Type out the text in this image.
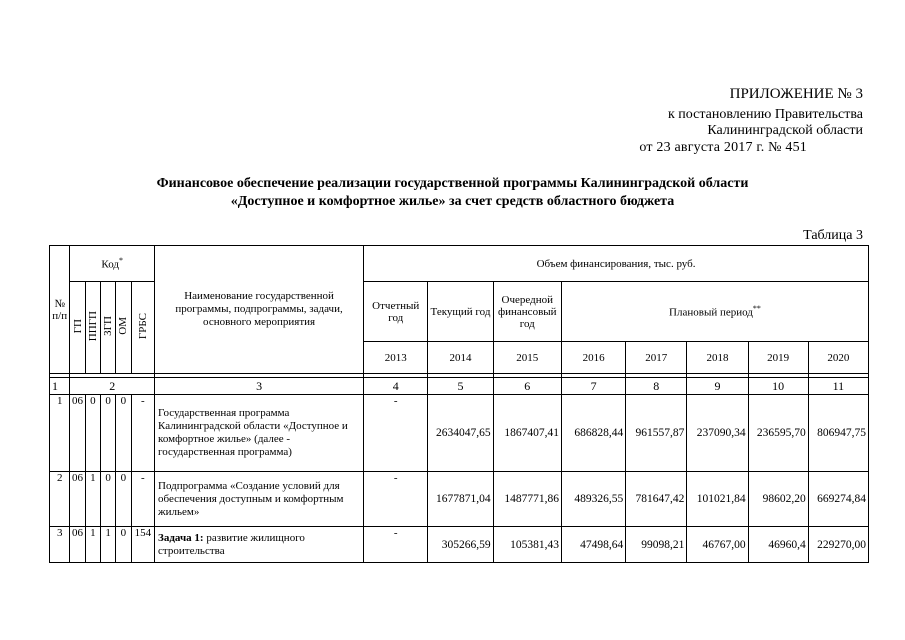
ПРИЛОЖЕНИЕ № 3
к постановлению Правительства
Калининградской области
от 23 августа 2017 г. № 451
Финансовое обеспечение реализации государственной программы Калининградской области
«Доступное и комфортное жилье» за счет средств областного бюджета
Таблица 3
№ п/п	Код*					Наименование государственной программы, подпрограммы, задачи, основного мероприятия	Объем финансирования, тыс. руб.							
	ГП	ППГП	ЗГП	ОМ	ГРБС		Отчетный год	Текущий год	Очередной финансовый год	Плановый период**
							2013	2014	2015	2016	2017	2018	2019	2020

1	2					3	4	5	6	7	8	9	10	11
1	06	0	0	0	-	Государственная программа Калининградской области «Доступное и комфортное жилье» (далее - государственная программа)	-	2634047,65	1867407,41	686828,44	961557,87	237090,34	236595,70	806947,75
2	06	1	0	0	-	Подпрограмма «Создание условий для обеспечения доступным и комфортным жильем»	-	1677871,04	1487771,86	489326,55	781647,42	101021,84	98602,20	669274,84
3	06	1	1	0	154	Задача 1: развитие жилищного строительства	-	305266,59	105381,43	47498,64	99098,21	46767,00	46960,4	229270,00
